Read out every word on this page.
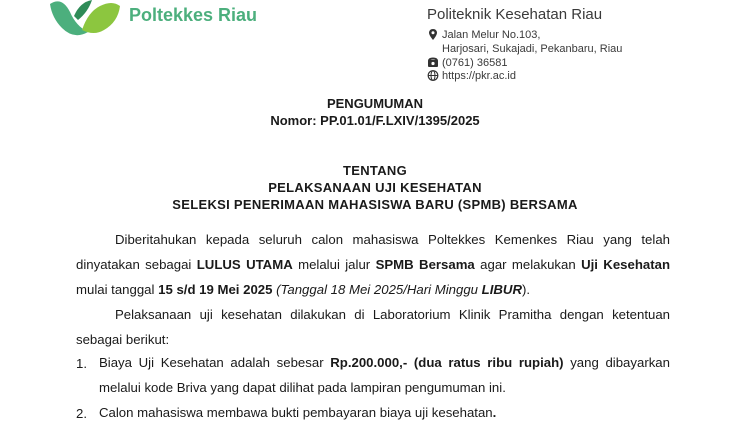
Poltekkes Riau	Politeknik Kesehatan Riau
Jalan Melur No.103,
Harjosari, Sukajadi, Pekanbaru, Riau
(0761) 36581
https://pkr.ac.id
PENGUMUMAN
Nomor: PP.01.01/F.LXIV/1395/2025
TENTANG
PELAKSANAAN UJI KESEHATAN
SELEKSI PENERIMAAN MAHASISWA BARU (SPMB) BERSAMA
Diberitahukan kepada seluruh calon mahasiswa Poltekkes Kemenkes Riau yang telah dinyatakan sebagai LULUS UTAMA melalui jalur SPMB Bersama agar melakukan Uji Kesehatan mulai tanggal 15 s/d 19 Mei 2025 (Tanggal 18 Mei 2025/Hari Minggu LIBUR).
Pelaksanaan uji kesehatan dilakukan di Laboratorium Klinik Pramitha dengan ketentuan sebagai berikut:
1. Biaya Uji Kesehatan adalah sebesar Rp.200.000,- (dua ratus ribu rupiah) yang dibayarkan melalui kode Briva yang dapat dilihat pada lampiran pengumuman ini.
2. Calon mahasiswa membawa bukti pembayaran biaya uji kesehatan.
